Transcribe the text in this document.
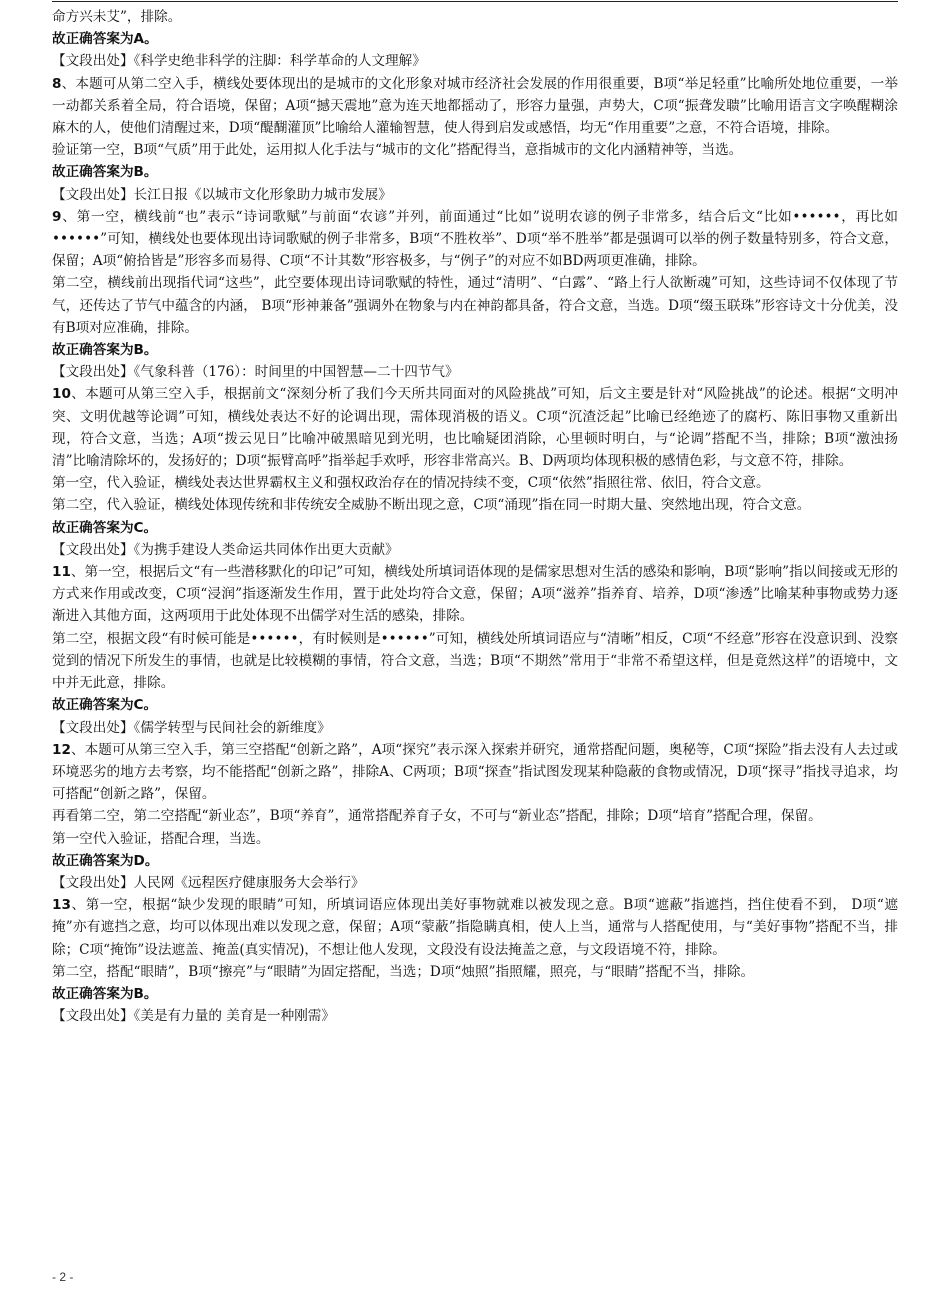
命方兴未艾”，排除。

故正确答案为A。

【文段出处】《科学史绝非科学的注脚：科学革命的人文理解》

8、本题可从第二空入手，横线处要体现出的是城市的文化形象对城市经济社会发展的作用很重要，B项“举足轻重”比喻所处地位重要，一举一动都关系着全局，符合语境，保留；A项“撼天震地”意为连天地都摇动了，形容力量强，声势大，C项“振聋发聩”比喻用语言文字唤醒糊涂麻木的人，使他们清醒过来，D项“醍醐灌顶”比喻给人灌输智慧，使人得到启发或感悟，均无“作用重要”之意，不符合语境，排除。

验证第一空，B项“气质”用于此处，运用拟人化手法与“城市的文化”搭配得当，意指城市的文化内涵精神等，当选。

故正确答案为B。

【文段出处】长江日报《以城市文化形象助力城市发展》

9、第一空，横线前“也”表示“诗词歌赋”与前面“农谚”并列，前面通过“比如”说明农谚的例子非常多，结合后文“比如••••••，再比如••••••”可知，横线处也要体现出诗词歌赋的例子非常多，B项“不胜枚举”、D项“举不胜举”都是强调可以举的例子数量特别多，符合文意，保留；A项“俯拾皆是”形容多而易得、C项“不计其数”形容极多，与“例子”的对应不如BD两项更准确，排除。

第二空，横线前出现指代词“这些”，此空要体现出诗词歌赋的特性，通过“清明”、“白露”、“路上行人欲断魂”可知，这些诗词不仅体现了节气，还传达了节气中蕴含的内涵， B项“形神兼备”强调外在物象与内在神韵都具备，符合文意，当选。D项“缀玉联珠”形容诗文十分优美，没有B项对应准确，排除。

故正确答案为B。

【文段出处】《气象科普（176）：时间里的中国智慧—二十四节气》

10、本题可从第三空入手，根据前文“深刻分析了我们今天所共同面对的风险挑战”可知，后文主要是针对“风险挑战”的论述。根据“文明冲突、文明优越等论调”可知，横线处表达不好的论调出现，需体现消极的语义。C项“沉渣泛起”比喻已经绝迹了的腐朽、陈旧事物又重新出现，符合文意，当选；A项“拨云见日”比喻冲破黑暗见到光明，也比喻疑团消除，心里顿时明白，与“论调”搭配不当，排除；B项“激浊扬清”比喻清除坏的，发扬好的；D项“振臂高呼”指举起手欢呼，形容非常高兴。B、D两项均体现积极的感情色彩，与文意不符，排除。

第一空，代入验证，横线处表达世界霸权主义和强权政治存在的情况持续不变，C项“依然”指照往常、依旧，符合文意。

第二空，代入验证，横线处体现传统和非传统安全威胁不断出现之意，C项“涌现”指在同一时期大量、突然地出现，符合文意。

故正确答案为C。

【文段出处】《为携手建设人类命运共同体作出更大贡献》

11、第一空，根据后文“有一些潜移默化的印记”可知，横线处所填词语体现的是儒家思想对生活的感染和影响，B项“影响”指以间接或无形的方式来作用或改变，C项“浸润”指逐渐发生作用，置于此处均符合文意，保留；A项“滋养”指养育、培养，D项“渗透”比喻某种事物或势力逐渐进入其他方面，这两项用于此处体现不出儒学对生活的感染，排除。

第二空，根据文段“有时候可能是••••••，有时候则是••••••”可知，横线处所填词语应与“清晰”相反，C项“不经意”形容在没意识到、没察觉到的情况下所发生的事情，也就是比较模糊的事情，符合文意，当选；B项“不期然”常用于“非常不希望这样，但是竟然这样”的语境中，文中并无此意，排除。

故正确答案为C。

【文段出处】《儒学转型与民间社会的新维度》

12、本题可从第三空入手，第三空搭配“创新之路”，A项“探究”表示深入探索并研究，通常搭配问题，奥秘等，C项“探险”指去没有人去过或环境恶劣的地方去考察，均不能搭配“创新之路”，排除A、C两项；B项“探查”指试图发现某种隐蔽的食物或情况，D项“探寻”指找寻追求，均可搭配“创新之路”，保留。

再看第二空，第二空搭配“新业态”，B项“养育”，通常搭配养育子女，不可与“新业态”搭配，排除；D项“培育”搭配合理，保留。

第一空代入验证，搭配合理，当选。

故正确答案为D。

【文段出处】人民网《远程医疗健康服务大会举行》

13、第一空，根据“缺少发现的眼睛”可知，所填词语应体现出美好事物就难以被发现之意。B项“遮蔽”指遮挡，挡住使看不到， D项“遮掩”亦有遮挡之意，均可以体现出难以发现之意，保留；A项“蒙蔽”指隐瞒真相，使人上当，通常与人搭配使用，与“美好事物”搭配不当，排除；C项“掩饰”设法遮盖、掩盖(真实情况)，不想让他人发现，文段没有设法掩盖之意，与文段语境不符，排除。

第二空，搭配“眼睛”，B项“擦亮”与“眼睛”为固定搭配，当选；D项“烛照”指照耀，照亮，与“眼睛”搭配不当，排除。

故正确答案为B。

【文段出处】《美是有力量的 美育是一种刚需》

- 2 -
